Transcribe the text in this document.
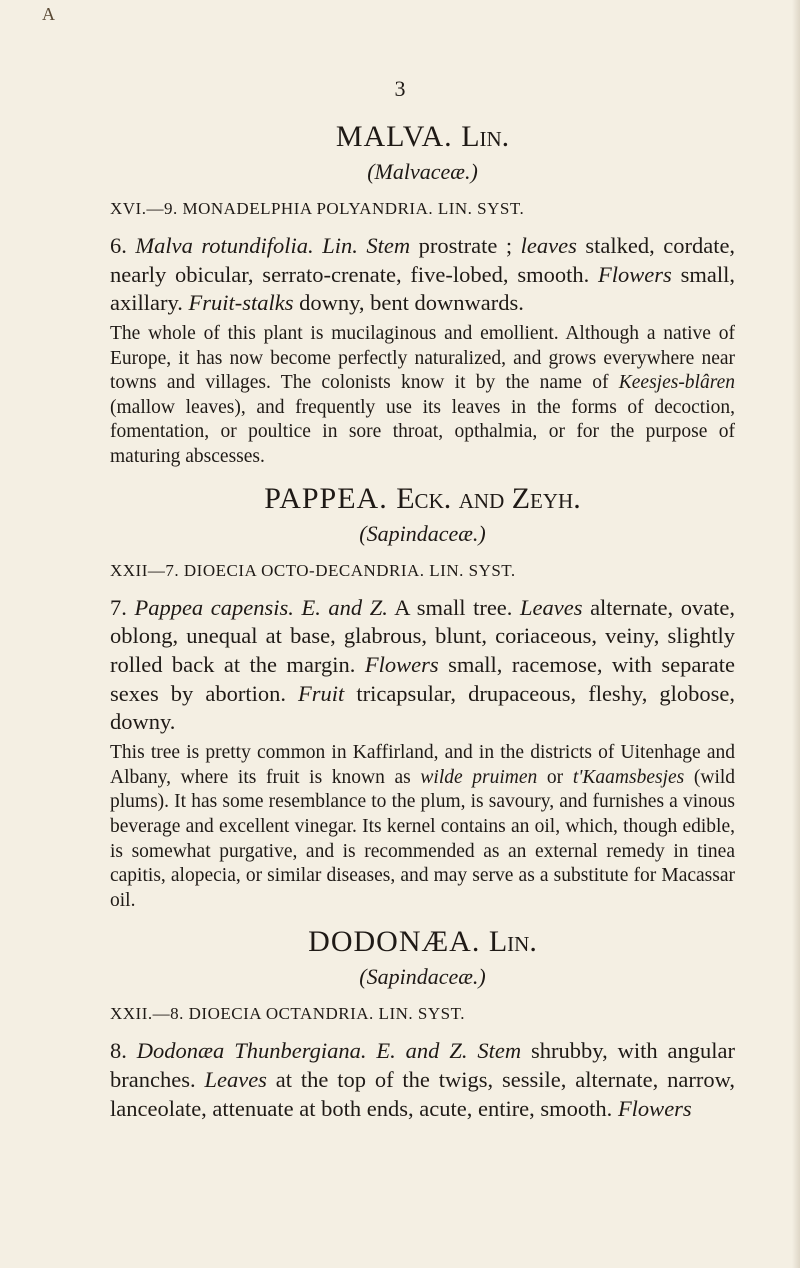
A
3

MALVA. Lin.

(Malvaceæ.)

XVI.—9. MONADELPHIA POLYANDRIA. LIN. SYST.

6. Malva rotundifolia. Lin. Stem prostrate ; leaves stalked, cordate, nearly obicular, serrato-crenate, five-lobed, smooth. Flowers small, axillary. Fruit-stalks downy, bent downwards.

The whole of this plant is mucilaginous and emollient. Although a native of Europe, it has now become perfectly naturalized, and grows everywhere near towns and villages. The colonists know it by the name of Keesjes-blâren (mallow leaves), and frequently use its leaves in the forms of decoction, fomentation, or poultice in sore throat, opthalmia, or for the purpose of maturing abscesses.

PAPPEA. Eck. and Zeyh.

(Sapindaceæ.)

XXII—7. DIOECIA OCTO-DECANDRIA. LIN. SYST.

7. Pappea capensis. E. and Z. A small tree. Leaves alternate, ovate, oblong, unequal at base, glabrous, blunt, coriaceous, veiny, slightly rolled back at the margin. Flowers small, racemose, with separate sexes by abortion. Fruit tricapsular, drupaceous, fleshy, globose, downy.

This tree is pretty common in Kaffirland, and in the districts of Uitenhage and Albany, where its fruit is known as wilde pruimen or t'Kaamsbesjes (wild plums). It has some resemblance to the plum, is savoury, and furnishes a vinous beverage and excellent vinegar. Its kernel contains an oil, which, though edible, is somewhat purgative, and is recommended as an external remedy in tinea capitis, alopecia, or similar diseases, and may serve as a substitute for Macassar oil.

DODONÆA. Lin.

(Sapindaceæ.)

XXII.—8. DIOECIA OCTANDRIA. LIN. SYST.

8. Dodonæa Thunbergiana. E. and Z. Stem shrubby, with angular branches. Leaves at the top of the twigs, sessile, alternate, narrow, lanceolate, attenuate at both ends, acute, entire, smooth. Flowers
